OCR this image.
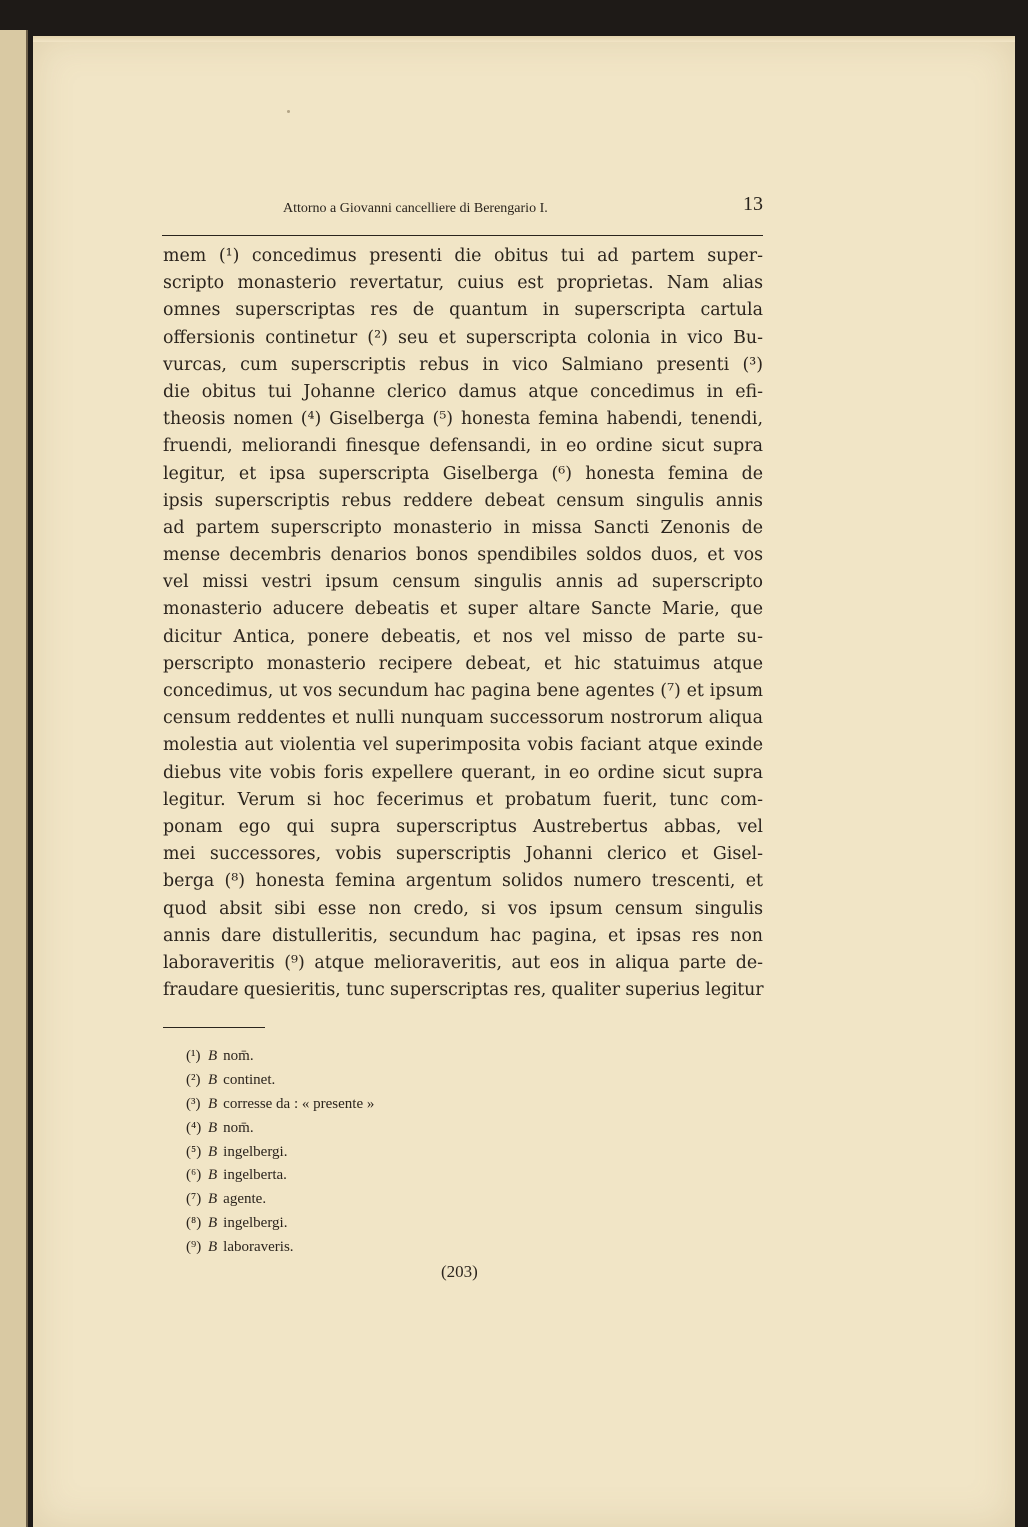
Attorno a Giovanni cancelliere di Berengario I.	13
mem (¹) concedimus presenti die obitus tui ad partem super-
scripto monasterio revertatur, cuius est proprietas. Nam alias
omnes superscriptas res de quantum in superscripta cartula
offersionis continetur (²) seu et superscripta colonia in vico Bu-
vurcas, cum superscriptis rebus in vico Salmiano presenti (³)
die obitus tui Johanne clerico damus atque concedimus in efi-
theosis nomen (⁴) Giselberga (⁵) honesta femina habendi, tenendi,
fruendi, meliorandi finesque defensandi, in eo ordine sicut supra
legitur, et ipsa superscripta Giselberga (⁶) honesta femina de
ipsis superscriptis rebus reddere debeat censum singulis annis
ad partem superscripto monasterio in missa Sancti Zenonis de
mense decembris denarios bonos spendibiles soldos duos, et vos
vel missi vestri ipsum censum singulis annis ad superscripto
monasterio aducere debeatis et super altare Sancte Marie, que
dicitur Antica, ponere debeatis, et nos vel misso de parte su-
perscripto monasterio recipere debeat, et hic statuimus atque
concedimus, ut vos secundum hac pagina bene agentes (⁷) et ipsum
censum reddentes et nulli nunquam successorum nostrorum aliqua
molestia aut violentia vel superimposita vobis faciant atque exinde
diebus vite vobis foris expellere querant, in eo ordine sicut supra
legitur. Verum si hoc fecerimus et probatum fuerit, tunc com-
ponam ego qui supra superscriptus Austrebertus abbas, vel
mei successores, vobis superscriptis Johanni clerico et Gisel-
berga (⁸) honesta femina argentum solidos numero trescenti, et
quod absit sibi esse non credo, si vos ipsum censum singulis
annis dare distulleritis, secundum hac pagina, et ipsas res non
laboraveritis (⁹) atque melioraveritis, aut eos in aliqua parte de-
fraudare quesieritis, tunc superscriptas res, qualiter superius legitur
(¹) B nom̄.
(²) B continet.
(³) B corresse da : « presente »
(⁴) B nom̄.
(⁵) B ingelbergi.
(⁶) B ingelberta.
(⁷) B agente.
(⁸) B ingelbergi.
(⁹) B laboraveris.
(203)
